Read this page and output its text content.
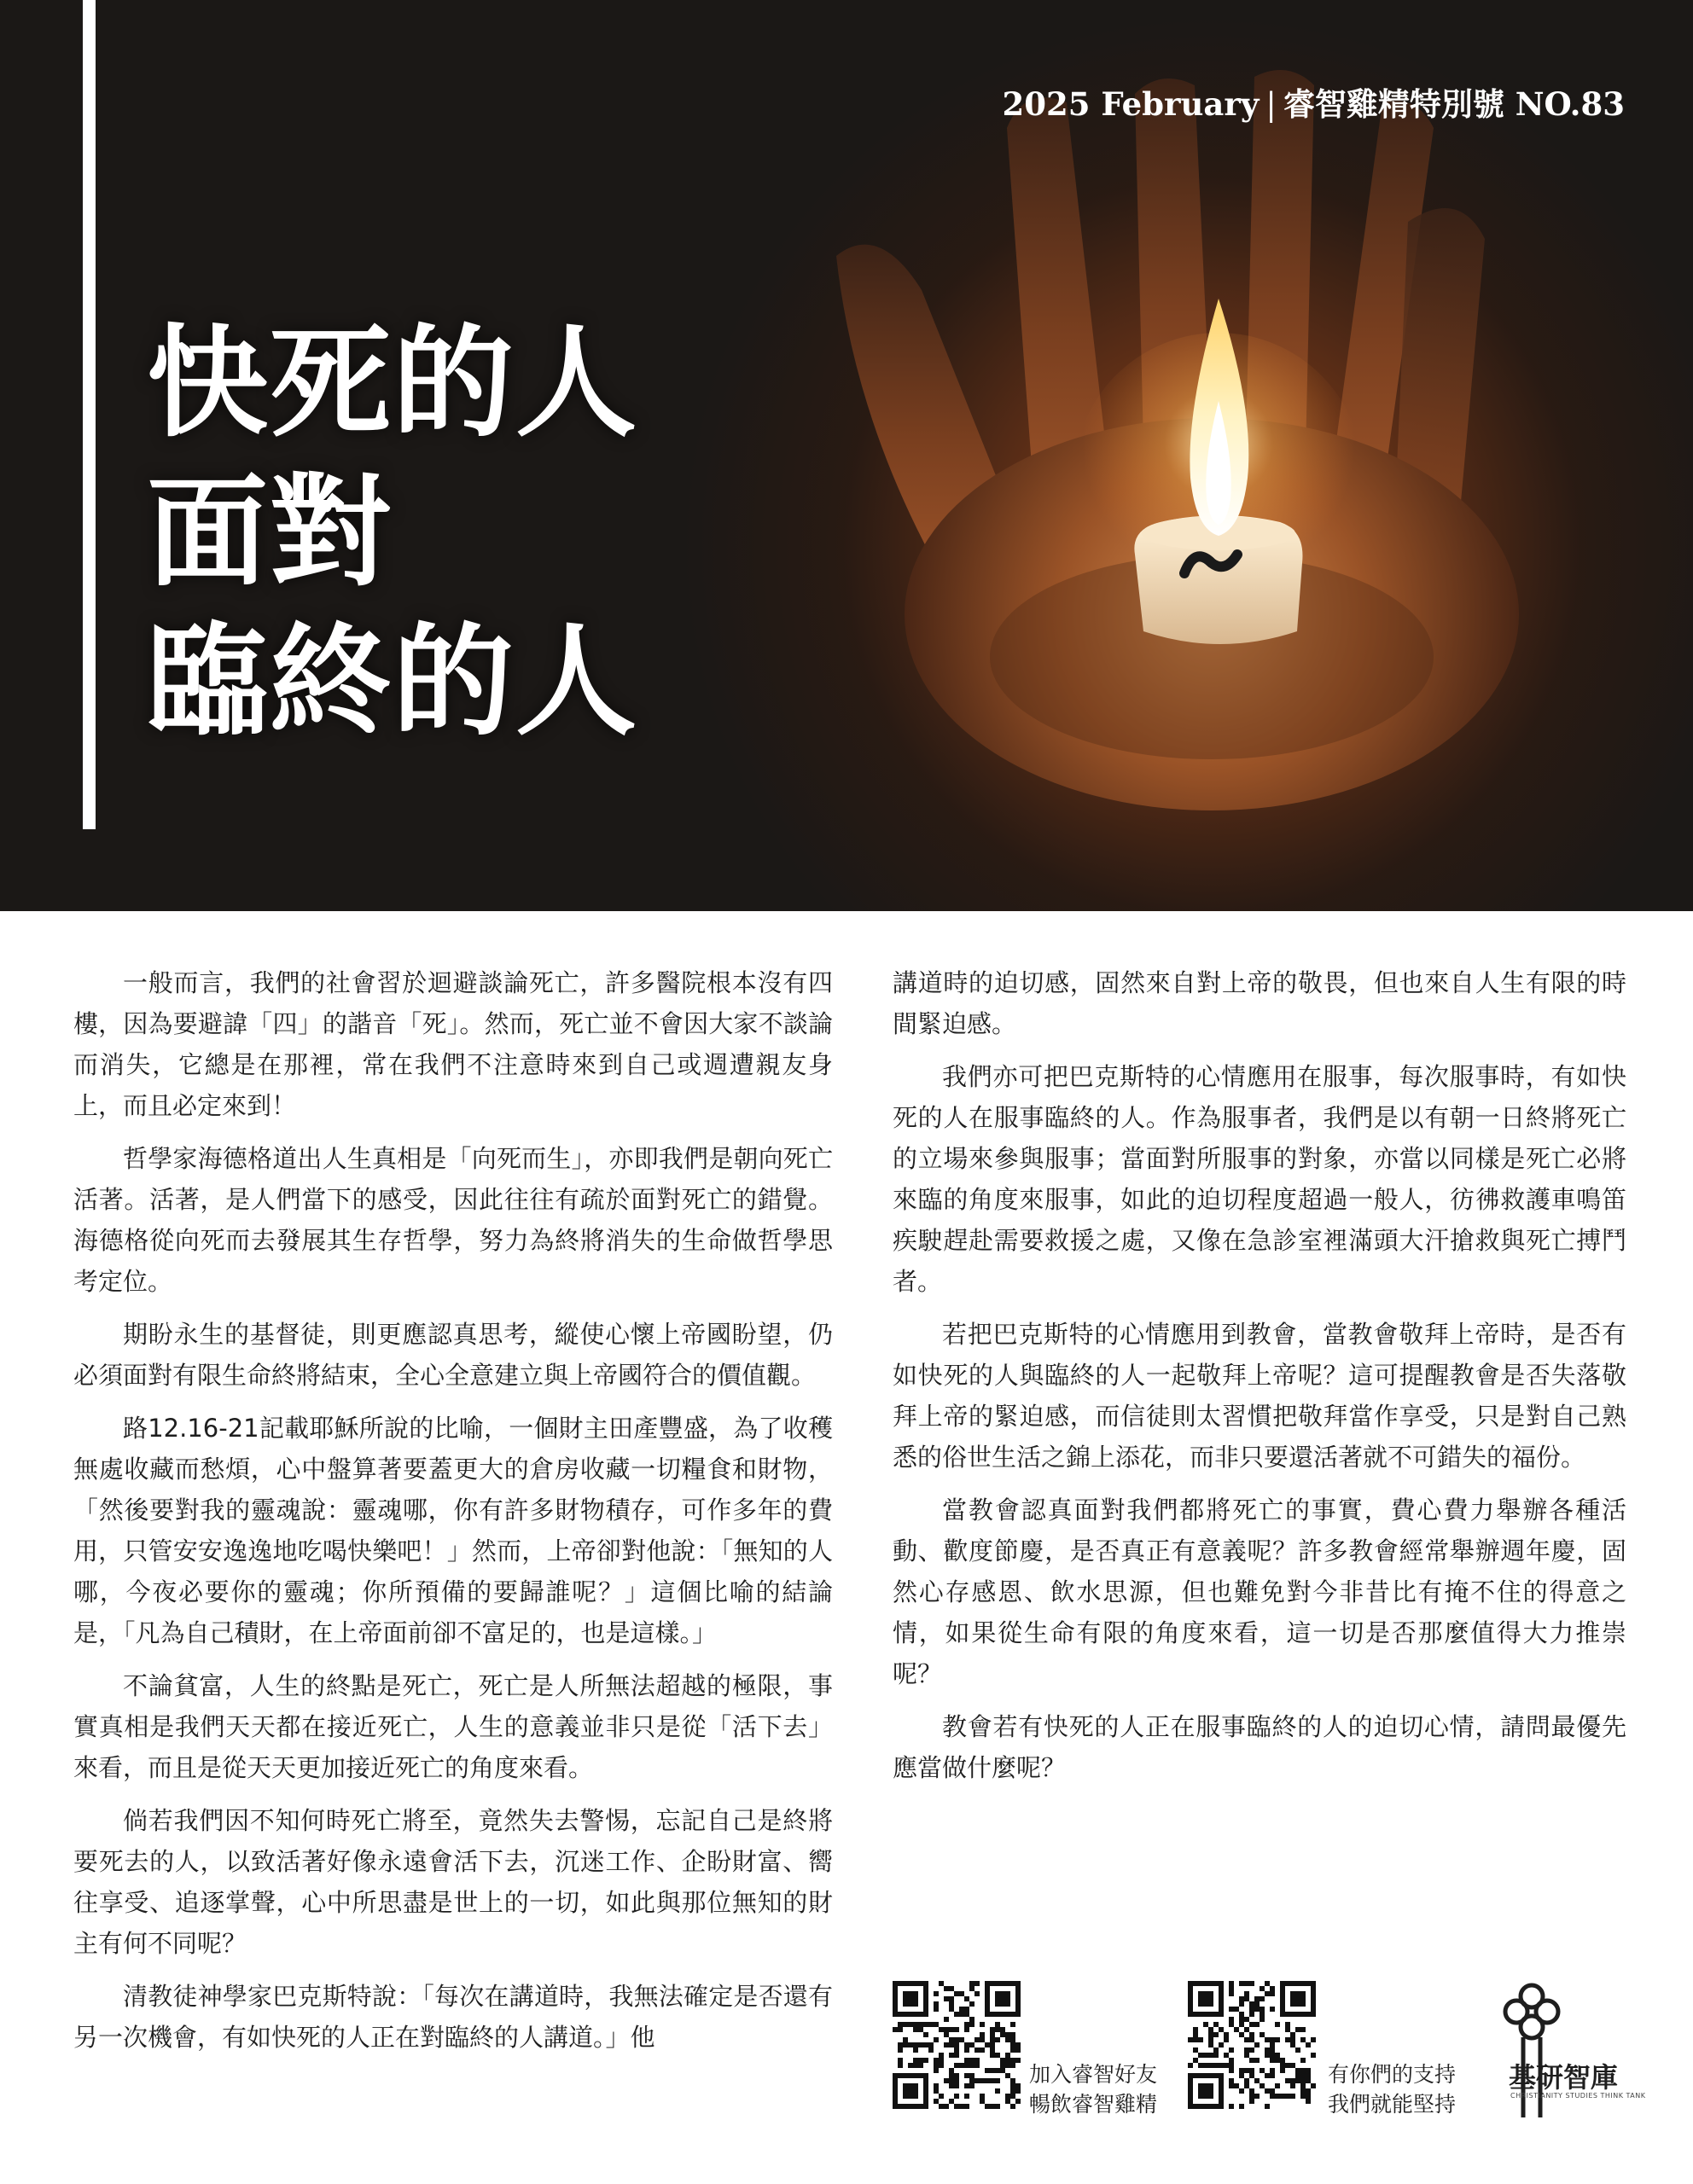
2025 February | 睿智雞精特別號 NO.83
快死的人
面對
臨終的人

一般而言，我們的社會習於迴避談論死亡，許多醫院根本沒有四樓，因為要避諱「四」的諧音「死」。然而，死亡並不會因大家不談論而消失，它總是在那裡，常在我們不注意時來到自己或週遭親友身上，而且必定來到！

哲學家海德格道出人生真相是「向死而生」，亦即我們是朝向死亡活著。活著，是人們當下的感受，因此往往有疏於面對死亡的錯覺。海德格從向死而去發展其生存哲學，努力為終將消失的生命做哲學思考定位。

期盼永生的基督徒，則更應認真思考，縱使心懷上帝國盼望，仍必須面對有限生命終將結束，全心全意建立與上帝國符合的價值觀。

路12.16-21記載耶穌所說的比喻，一個財主田產豐盛，為了收穫無處收藏而愁煩，心中盤算著要蓋更大的倉房收藏一切糧食和財物，「然後要對我的靈魂說：靈魂哪，你有許多財物積存，可作多年的費用，只管安安逸逸地吃喝快樂吧！」然而，上帝卻對他說：「無知的人哪，今夜必要你的靈魂；你所預備的要歸誰呢？」這個比喻的結論是，「凡為自己積財，在上帝面前卻不富足的，也是這樣。」

不論貧富，人生的終點是死亡，死亡是人所無法超越的極限，事實真相是我們天天都在接近死亡，人生的意義並非只是從「活下去」來看，而且是從天天更加接近死亡的角度來看。

倘若我們因不知何時死亡將至，竟然失去警惕，忘記自己是終將要死去的人，以致活著好像永遠會活下去，沉迷工作、企盼財富、嚮往享受、追逐掌聲，心中所思盡是世上的一切，如此與那位無知的財主有何不同呢？

清教徒神學家巴克斯特說：「每次在講道時，我無法確定是否還有另一次機會，有如快死的人正在對臨終的人講道。」他

講道時的迫切感，固然來自對上帝的敬畏，但也來自人生有限的時間緊迫感。

我們亦可把巴克斯特的心情應用在服事，每次服事時，有如快死的人在服事臨終的人。作為服事者，我們是以有朝一日終將死亡的立場來參與服事；當面對所服事的對象，亦當以同樣是死亡必將來臨的角度來服事，如此的迫切程度超過一般人，彷彿救護車鳴笛疾駛趕赴需要救援之處，又像在急診室裡滿頭大汗搶救與死亡搏鬥者。

若把巴克斯特的心情應用到教會，當教會敬拜上帝時，是否有如快死的人與臨終的人一起敬拜上帝呢？這可提醒教會是否失落敬拜上帝的緊迫感，而信徒則太習慣把敬拜當作享受，只是對自己熟悉的俗世生活之錦上添花，而非只要還活著就不可錯失的福份。

當教會認真面對我們都將死亡的事實，費心費力舉辦各種活動、歡度節慶，是否真正有意義呢？許多教會經常舉辦週年慶，固然心存感恩、飲水思源，但也難免對今非昔比有掩不住的得意之情，如果從生命有限的角度來看，這一切是否那麼值得大力推崇呢？

教會若有快死的人正在服事臨終的人的迫切心情，請問最優先應當做什麼呢？

加入睿智好友
暢飲睿智雞精
有你們的支持
我們就能堅持
基研智庫
CHRISTIANITY STUDIES THINK TANK
